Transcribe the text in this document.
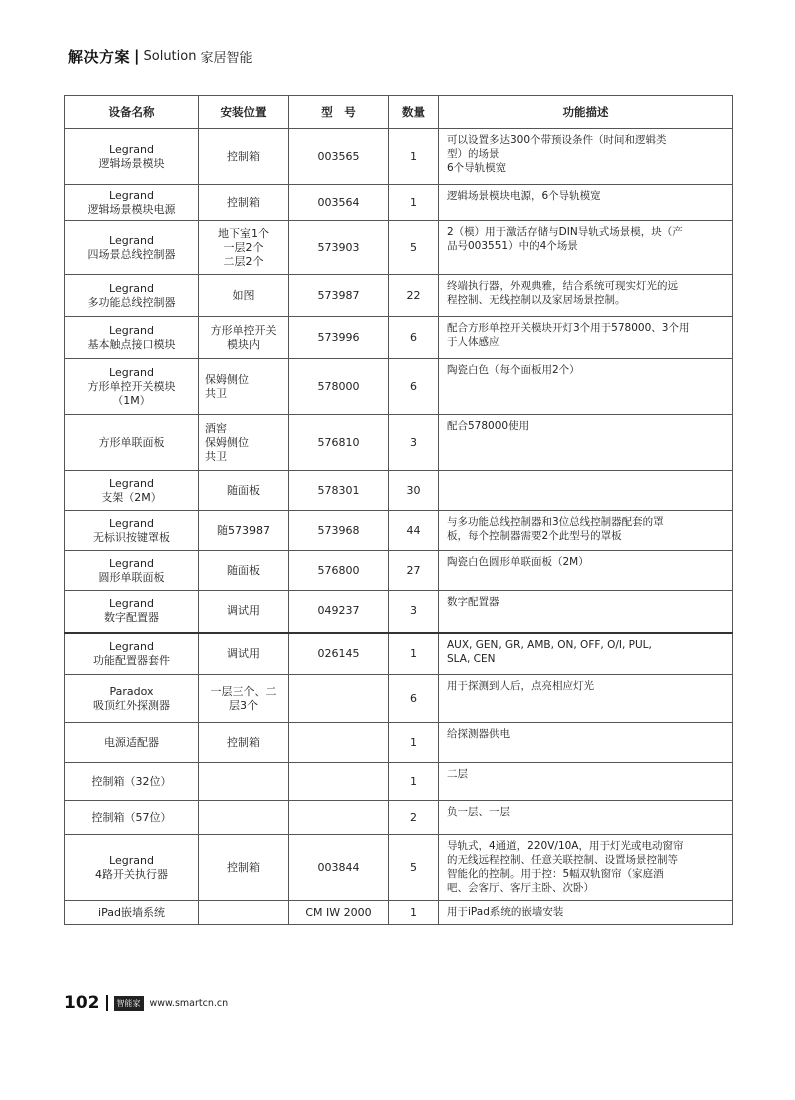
解决方案 | Solution 家居智能
设备名称	安装位置	型　号	数量	功能描述

Legrand
逻辑场景模块	控制箱	003565	1	可以设置多达300个带预设条件（时间和逻辑类
型）的场景
6个导轨模宽

Legrand
逻辑场景模块电源	控制箱	003564	1	逻辑场景模块电源，6个导轨模宽

Legrand
四场景总线控制器	地下室1个
一层2个
二层2个	573903	5	2（模）用于激活存储与DIN导轨式场景模，块（产
品号003551）中的4个场景

Legrand
多功能总线控制器	如图	573987	22	终端执行器，外观典雅，结合系统可现实灯光的远
程控制、无线控制以及家居场景控制。

Legrand
基本触点接口模块	方形单控开关
模块内	573996	6	配合方形单控开关模块开灯3个用于578000、3个用
于人体感应

Legrand
方形单控开关模块
（1M）	保姆侧位
共卫	578000	6	陶瓷白色（每个面板用2个）

方形单联面板	酒窖
保姆侧位
共卫	576810	3	配合578000使用

Legrand
支架（2M）	随面板	578301	30	

Legrand
无标识按键罩板	随573987	573968	44	与多功能总线控制器和3位总线控制器配套的罩
板，每个控制器需要2个此型号的罩板

Legrand
圆形单联面板	随面板	576800	27	陶瓷白色圆形单联面板（2M）

Legrand
数字配置器	调试用	049237	3	数字配置器

Legrand
功能配置器套件	调试用	026145	1	AUX, GEN, GR, AMB, ON, OFF, O/I, PUL,
SLA, CEN

Paradox
吸顶红外探测器	一层三个、二
层3个		6	用于探测到人后，点亮相应灯光

电源适配器	控制箱		1	给探测器供电

控制箱（32位）			1	二层

控制箱（57位）			2	负一层、一层

Legrand
4路开关执行器	控制箱	003844	5	导轨式，4通道，220V/10A，用于灯光或电动窗帘
的无线远程控制、任意关联控制、设置场景控制等
智能化的控制。用于控：5幅双轨窗帘（家庭酒
吧、会客厅、客厅主卧、次卧）

iPad嵌墙系统		CM IW 2000	1	用于iPad系统的嵌墙安装
102	智能家 www.smartcn.cn
